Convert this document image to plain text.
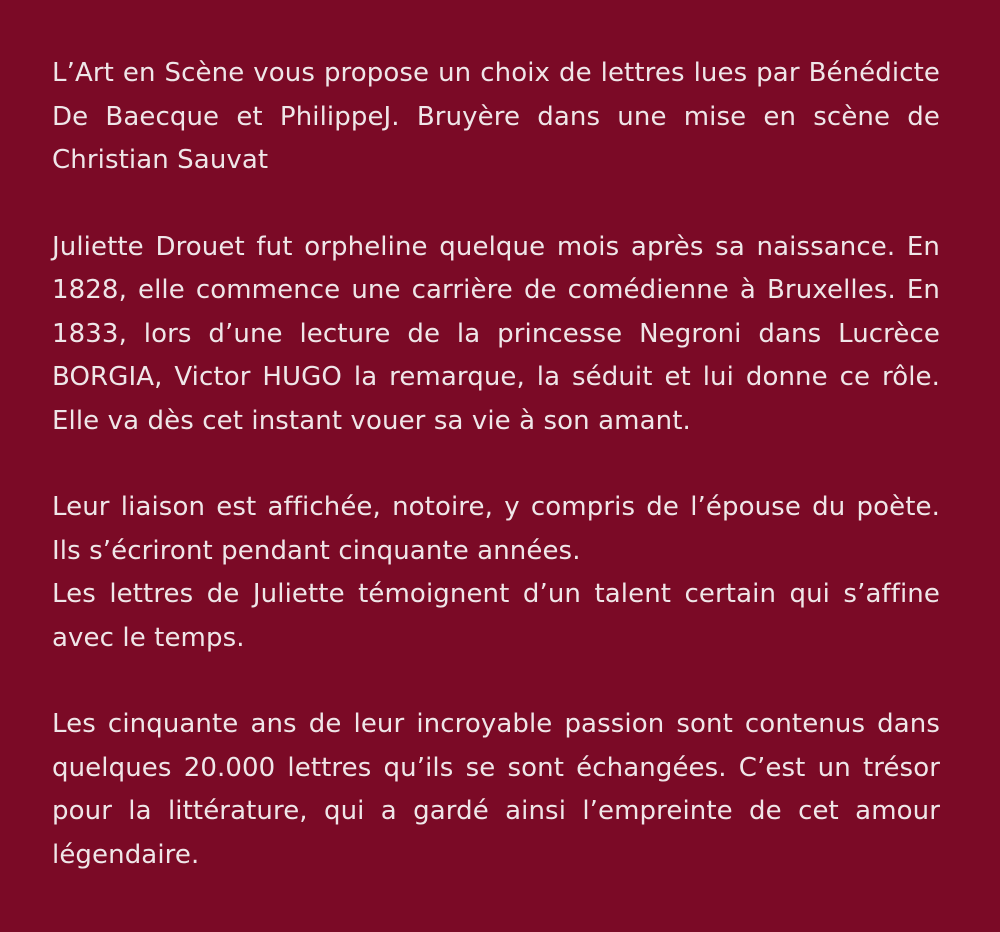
L’Art en Scène vous propose un choix de lettres lues par Bénédicte De Baecque et PhilippeJ. Bruyère dans une mise en scène de Christian Sauvat

Juliette Drouet fut orpheline quelque mois après sa naissance. En 1828, elle commence une carrière de comédienne à Bruxelles. En 1833, lors d’une lecture de la princesse Negroni dans Lucrèce BORGIA, Victor HUGO la remarque, la séduit et lui donne ce rôle. Elle va dès cet instant vouer sa vie à son amant.

Leur liaison est affichée, notoire, y compris de l’épouse du poète. Ils s’écriront pendant cinquante années.
Les lettres de Juliette témoignent d’un talent certain qui s’affine avec le temps.

Les cinquante ans de leur incroyable passion sont contenus dans quelques 20.000 lettres qu’ils se sont échangées. C’est un trésor pour la littérature, qui a gardé ainsi l’empreinte de cet amour légendaire.
